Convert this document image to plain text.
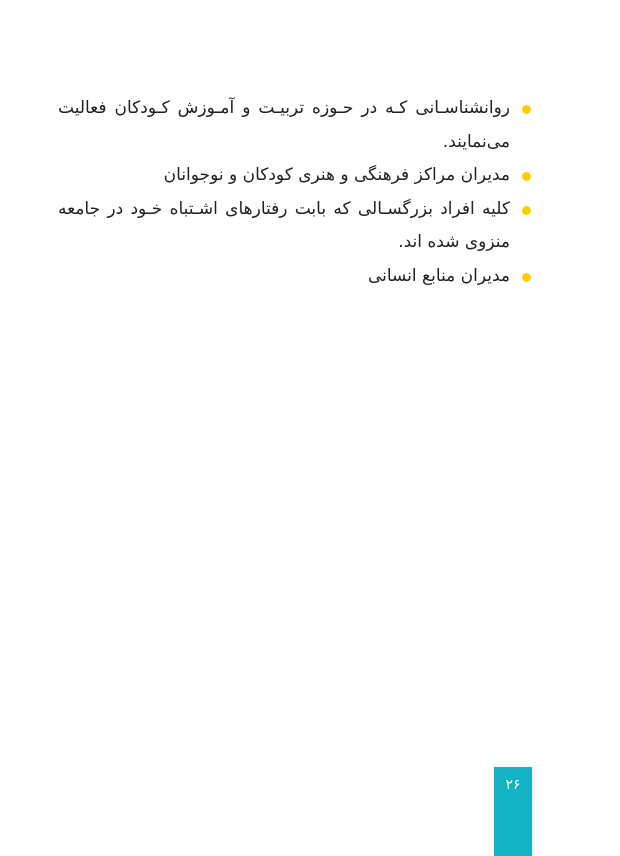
روانشناسـانی کـه در حـوزه تربیـت و آمـوزش کـودکان فعالیت می‌نمایند.
مدیران مراکز فرهنگی و هنری کودکان و نوجوانان
کلیه افراد بزرگسـالی که بابت رفتارهای اشـتباه خـود در جامعه منزوی شده اند.
مدیران منابع انسانی
۲۶
